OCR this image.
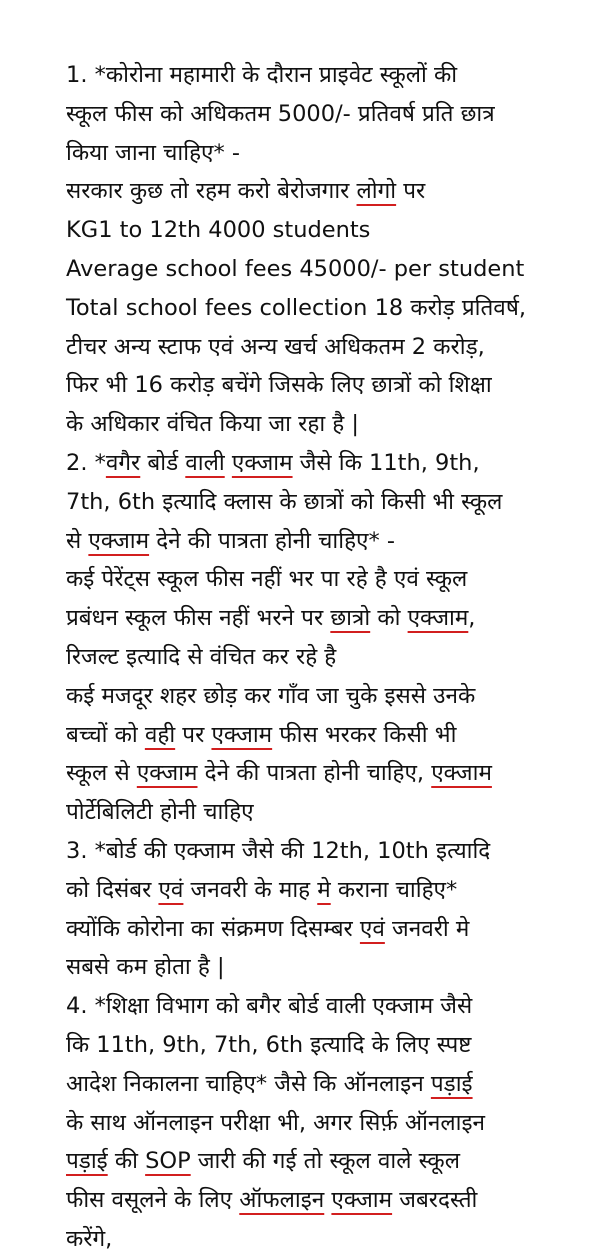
1. *कोरोना महामारी के दौरान प्राइवेट स्कूलों की
स्कूल फीस को अधिकतम 5000/- प्रतिवर्ष प्रति छात्र
किया जाना चाहिए* -
सरकार कुछ तो रहम करो बेरोजगार लोगो पर
KG1 to 12th 4000 students
Average school fees 45000/- per student
Total school fees collection 18 करोड़ प्रतिवर्ष,
टीचर अन्य स्टाफ एवं अन्य खर्च अधिकतम 2 करोड़,
फिर भी 16 करोड़ बचेंगे जिसके लिए छात्रों को शिक्षा
के अधिकार वंचित किया जा रहा है |
2. *वगैर बोर्ड वाली एक्जाम जैसे कि 11th, 9th,
7th, 6th इत्यादि क्लास के छात्रों को किसी भी स्कूल
से एक्जाम देने की पात्रता होनी चाहिए* -
कई पेरेंट्स स्कूल फीस नहीं भर पा रहे है एवं स्कूल
प्रबंधन स्कूल फीस नहीं भरने पर छात्रो को एक्जाम,
रिजल्ट इत्यादि से वंचित कर रहे है
कई मजदूर शहर छोड़ कर गाँव जा चुके इससे उनके
बच्चों को वही पर एक्जाम फीस भरकर किसी भी
स्कूल से एक्जाम देने की पात्रता होनी चाहिए, एक्जाम
पोर्टेबिलिटी होनी चाहिए
3. *बोर्ड की एक्जाम जैसे की 12th, 10th इत्यादि
को दिसंबर एवं जनवरी के माह मे कराना चाहिए*
क्योंकि कोरोना का संक्रमण दिसम्बर एवं जनवरी मे
सबसे कम होता है |
4. *शिक्षा विभाग को बगैर बोर्ड वाली एक्जाम जैसे
कि 11th, 9th, 7th, 6th इत्यादि के लिए स्पष्ट
आदेश निकालना चाहिए* जैसे कि ऑनलाइन पड़ाई
के साथ ऑनलाइन परीक्षा भी, अगर सिर्फ़ ऑनलाइन
पड़ाई की SOP जारी की गई तो स्कूल वाले स्कूल
फीस वसूलने के लिए ऑफलाइन एक्जाम जबरदस्ती
करेंगे,
